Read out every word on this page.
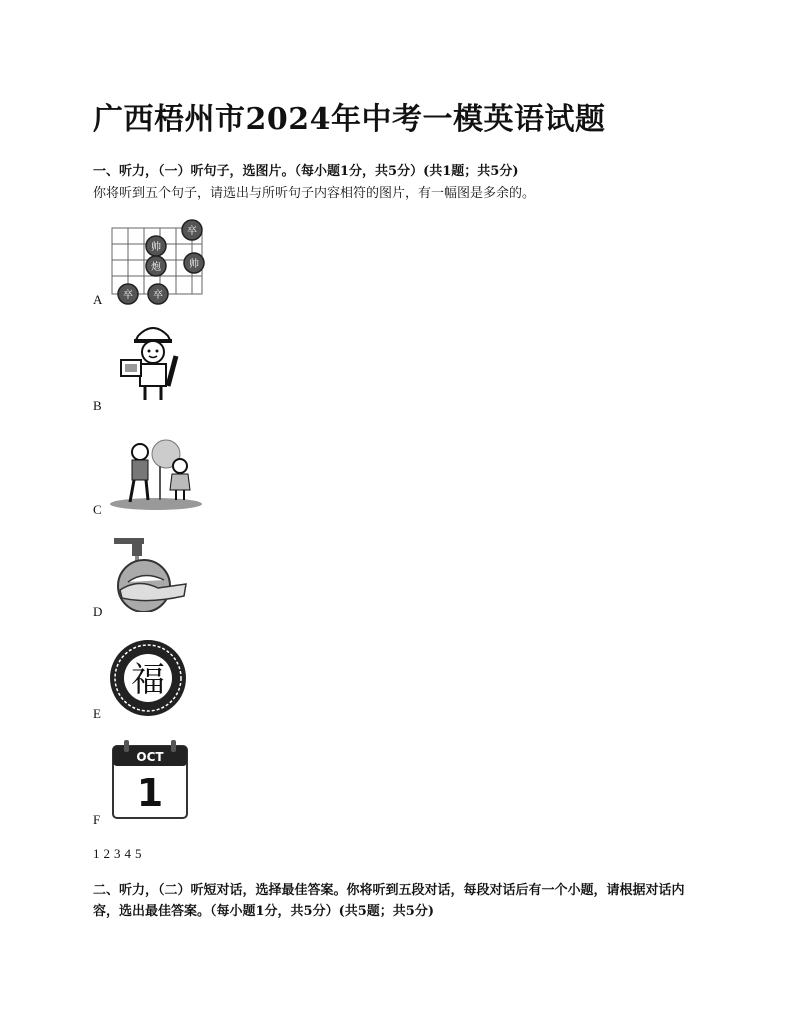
广西梧州市2024年中考一模英语试题
一、听力，（一）听句子，选图片。（每小题1分，共5分）(共1题；共5分)
你将听到五个句子，请选出与所听句子内容相符的图片，有一幅图是多余的。
卒
帅
炮	帅
卒 卒
A
B
C
D
福
E
OCT
1
F
1 2 3 4 5
二、听力，（二）听短对话，选择最佳答案。你将听到五段对话，每段对话后有一个小题，请根据对话内容，选出最佳答案。（每小题1分，共5分）(共5题；共5分)
